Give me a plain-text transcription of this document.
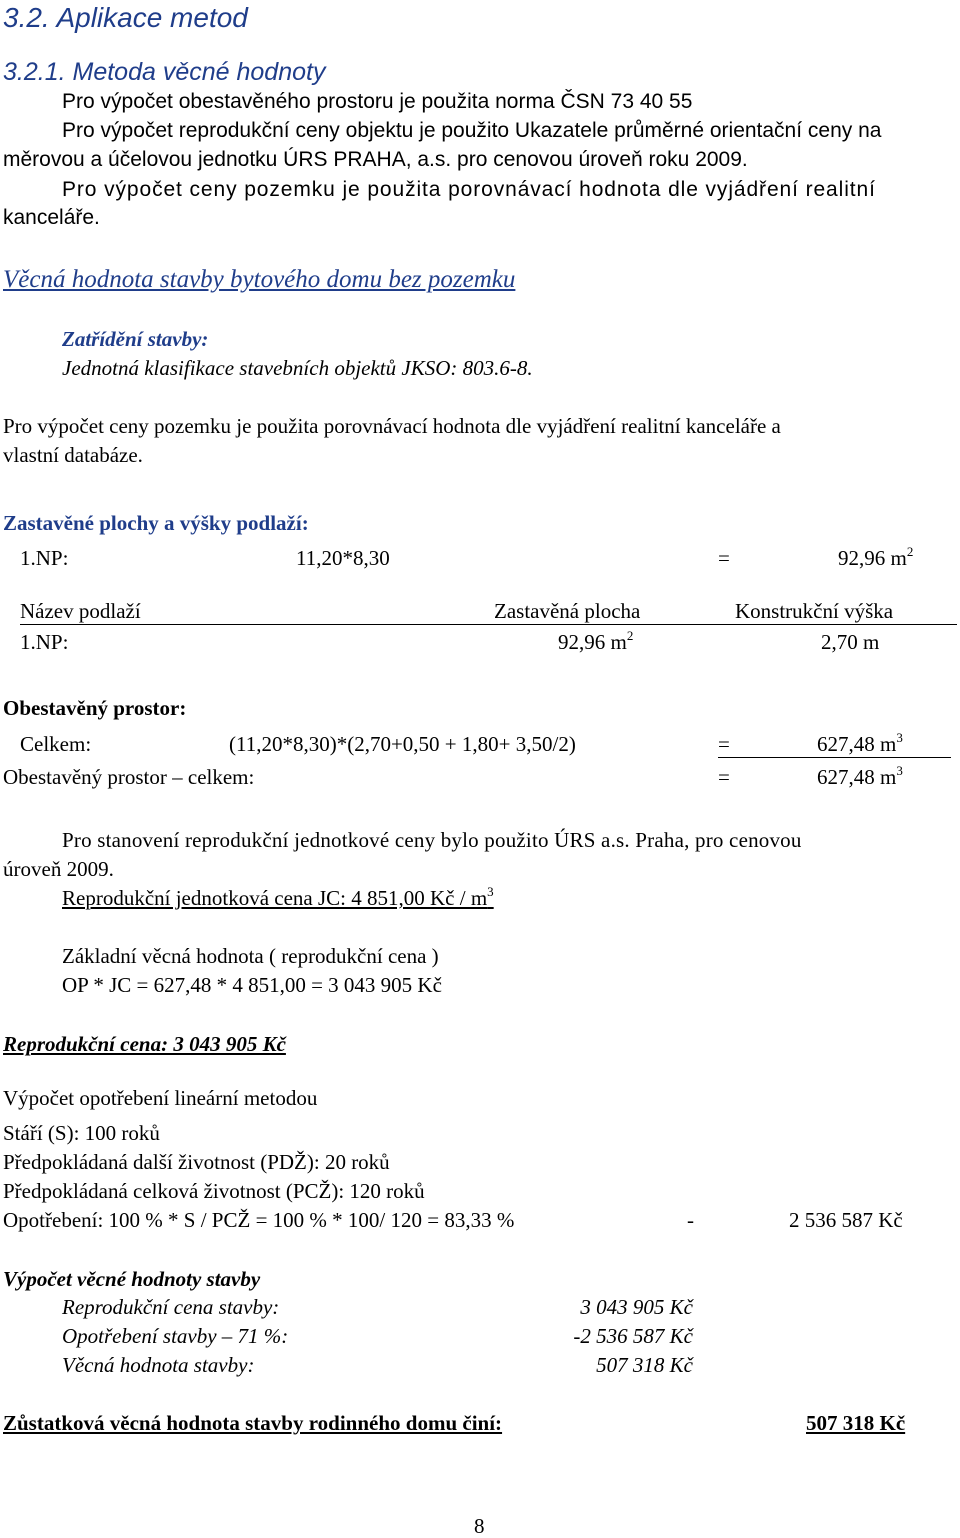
3.2. Aplikace metod
3.2.1. Metoda věcné hodnoty
Pro výpočet obestavěného prostoru je použita norma ČSN 73 40 55
Pro výpočet reprodukční ceny objektu je použito Ukazatele průměrné orientační ceny na
měrovou a účelovou jednotku ÚRS PRAHA, a.s. pro cenovou úroveň roku 2009.
Pro výpočet ceny pozemku je použita porovnávací hodnota dle vyjádření realitní
kanceláře.
Věcná hodnota stavby bytového domu bez pozemku
Zatřídění stavby:
Jednotná klasifikace stavebních objektů JKSO: 803.6-8.
Pro výpočet ceny pozemku je použita porovnávací hodnota dle vyjádření realitní kanceláře a
vlastní databáze.
Zastavěné plochy a výšky podlaží:
1.NP:	11,20*8,30	=	92,96 $m^2$
Název podlaží	Zastavěná plocha	Konstrukční výška
1.NP:	92,96 $m^2$	2,70 m
Obestavěný prostor:
Celkem:	(11,20*8,30)*(2,70+0,50 + 1,80+ 3,50/2)	=	627,48 $m^3$
Obestavěný prostor – celkem:	=	627,48 $m^3$
Pro stanovení reprodukční jednotkové ceny bylo použito ÚRS a.s. Praha, pro cenovou
úroveň 2009.
Reprodukční jednotková cena JC: 4 851,00 Kč / $m^3$
Základní věcná hodnota ( reprodukční cena )
OP * JC = 627,48 * 4 851,00 = 3 043 905 Kč
Reprodukční cena: 3 043 905 Kč
Výpočet opotřebení lineární metodou
Stáří (S): 100 roků
Předpokládaná další životnost (PDŽ): 20 roků
Předpokládaná celková životnost (PCŽ): 120 roků
Opotřebení: 100 % * S / PCŽ = 100 % * 100/ 120 = 83,33 %	-	2 536 587 Kč
Výpočet věcné hodnoty stavby
Reprodukční cena stavby:	3 043 905 Kč
Opotřebení stavby – 71 %:	-2 536 587 Kč
Věcná hodnota stavby:	507 318 Kč
Zůstatková věcná hodnota stavby rodinného domu činí:	507 318 Kč
8
